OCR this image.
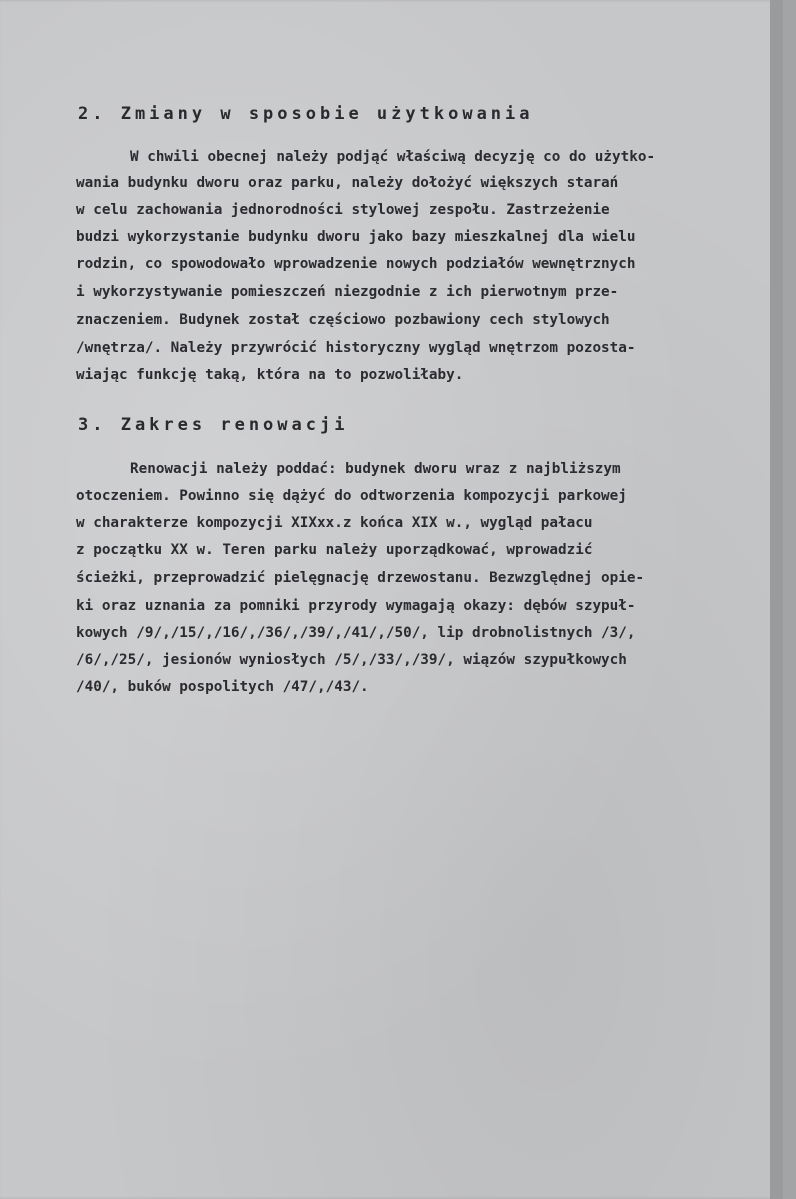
2. Zmiany w sposobie użytkowania
W chwili obecnej należy podjąć właściwą decyzję co do użytko-
wania budynku dworu oraz parku, należy dołożyć większych starań
w celu zachowania jednorodności stylowej zespołu. Zastrzeżenie
budzi wykorzystanie budynku dworu jako bazy mieszkalnej dla wielu
rodzin, co spowodowało wprowadzenie nowych podziałów wewnętrznych
i wykorzystywanie pomieszczeń niezgodnie z ich pierwotnym prze-
znaczeniem. Budynek został częściowo pozbawiony cech stylowych
/wnętrza/. Należy przywrócić historyczny wygląd wnętrzom pozosta-
wiając funkcję taką, która na to pozwoliłaby.
3. Zakres renowacji
Renowacji należy poddać: budynek dworu wraz z najbliższym
otoczeniem. Powinno się dążyć do odtworzenia kompozycji parkowej
w charakterze kompozycji XIXxx.z końca XIX w., wygląd pałacu
z początku XX w. Teren parku należy uporządkować, wprowadzić
ścieżki, przeprowadzić pielęgnację drzewostanu. Bezwzględnej opie-
ki oraz uznania za pomniki przyrody wymagają okazy: dębów szypuł-
kowych /9/,/15/,/16/,/36/,/39/,/41/,/50/, lip drobnolistnych /3/,
/6/,/25/, jesionów wyniosłych /5/,/33/,/39/, wiązów szypułkowych
/40/, buków pospolitych /47/,/43/.
